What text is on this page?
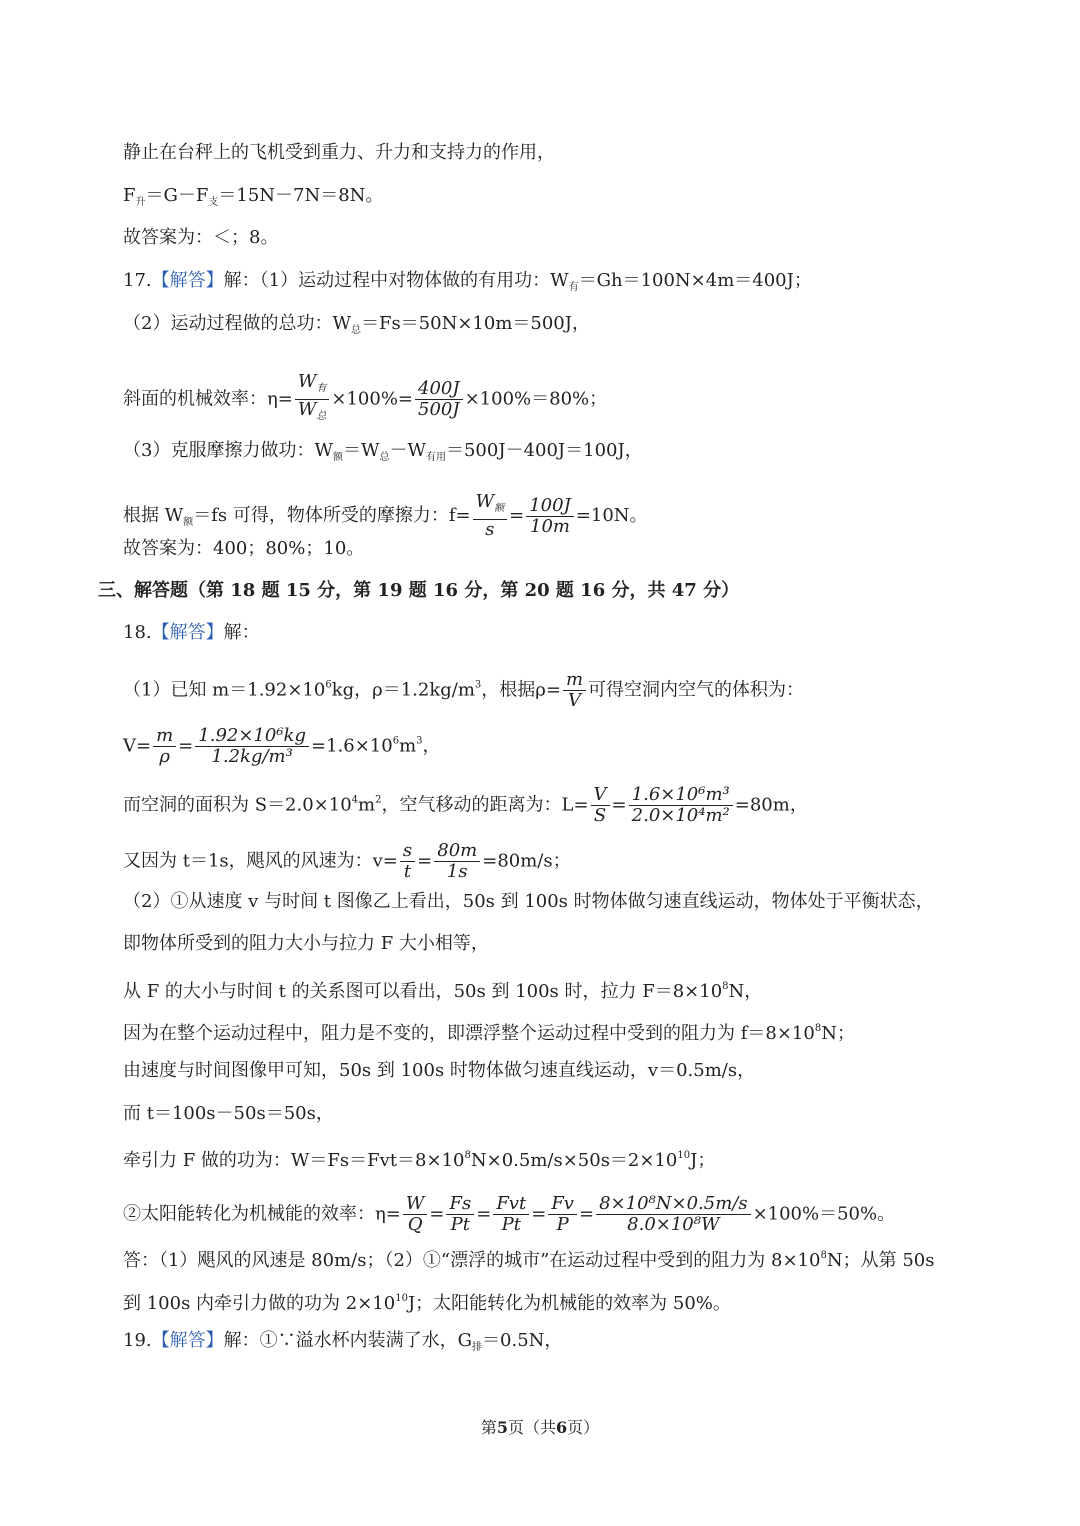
静止在台秤上的飞机受到重力、升力和支持力的作用，
$F_升=G-F_支=15N-7N=8N$。
故答案为：＜；8。
17.【解答】解：（1）运动过程中对物体做的有用功：$W_有=Gh=100N\times 4m=400J$；
（2）运动过程做的总功：$W_总=Fs=50N\times 10m=500J$，
斜面的机械效率：$\eta= \frac{W_有}{W_总} \times 100\%= \frac{400J}{500J} \times 100\%=80\%$；
（3）克服摩擦力做功：$W_额=W_总-W_{有用}=500J-400J=100J$，
根据 $W_额=fs$ 可得，物体所受的摩擦力：$f= \frac{W_额}{s} = \frac{100J}{10m} =10N$。
故答案为：400；80%；10。
三、解答题（第 18 题 15 分，第 19 题 16 分，第 20 题 16 分，共 47 分）
18.【解答】解：
（1）已知 $m=1.92\times 10^6kg$，$\rho=1.2kg/m^3$，根据$\rho= \frac{m}{V}$ 可得空洞内空气的体积为：
$V= \frac{m}{\rho} = \frac{\text{1.92×10⁶kg}}{\text{1.2kg/m³}} =1.6\times 10^6m^3$，
而空洞的面积为 $S=2.0\times 10^4m^2$，空气移动的距离为：$L= \frac{V}{S} = \frac{\text{1.6×10⁶m³}}{\text{2.0×10⁴m²}} =80m$，
又因为 t＝1s，飓风的风速为：$v= \frac{s}{t} = \frac{80m}{1s} =80m/s$；
（2）①从速度 v 与时间 t 图像乙上看出，50s 到 100s 时物体做匀速直线运动，物体处于平衡状态，
即物体所受到的阻力大小与拉力 F 大小相等，
从 F 的大小与时间 t 的关系图可以看出，50s 到 100s 时，拉力 $F=8\times 10^8N$，
因为在整个运动过程中，阻力是不变的，即漂浮整个运动过程中受到的阻力为 $f=8\times 10^8N$；
由速度与时间图像甲可知，50s 到 100s 时物体做匀速直线运动，v＝0.5m/s，
而 t＝100s－50s＝50s，
牵引力 F 做的功为：$W=Fs=Fvt=8\times 10^8N\times 0.5m/s\times 50s=2\times 10^{10}J$；
②太阳能转化为机械能的效率：$\eta= \frac{W}{Q} = \frac{Fs}{Pt} = \frac{\text{Fvt}}{Pt} = \frac{Fv}{P} = \frac{\text{8×10⁸N×0.5m/s}}{\text{8.0×10⁸W}} \times 100\%=50\%$。
答：（1）飓风的风速是 80m/s；（2）①“漂浮的城市”在运动过程中受到的阻力为 $8\times 10^8N$；从第 50s
到 100s 内牵引力做的功为 $2\times 10^{10}J$；太阳能转化为机械能的效率为 50%。
19.【解答】解：①∵溢水杯内装满了水，$G_排=0.5N$，
第5页（共6页）
